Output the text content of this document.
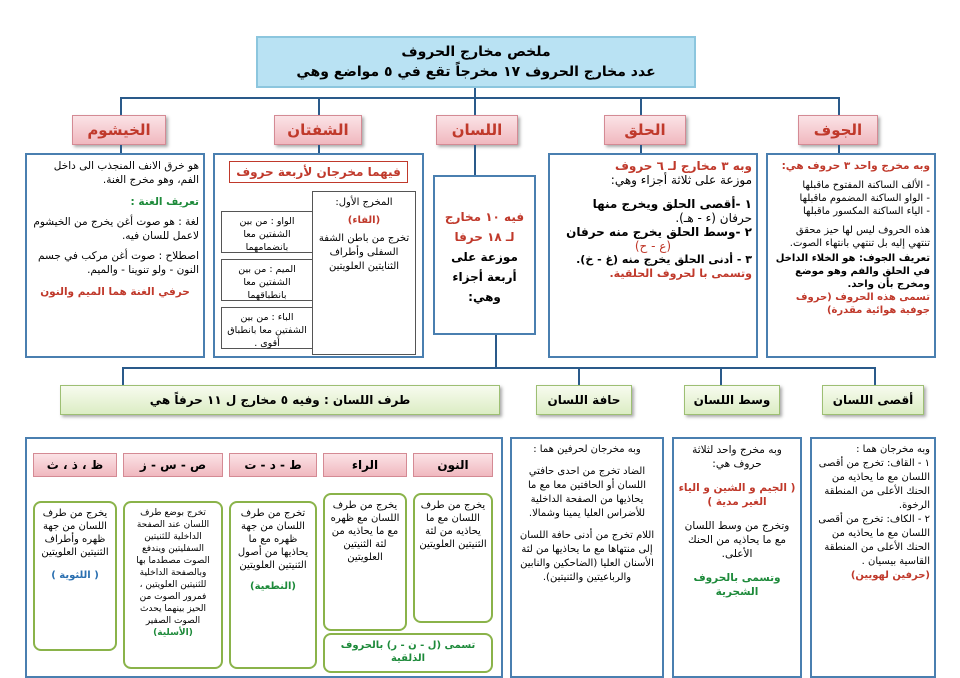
ملخص مخارج الحروف
عدد مخارج الحروف ١٧ مخرجاً تقع في ٥ مواضع وهي
الجوف
الحلق
اللسان
الشفتان
الخيشوم
وبه مخرج واحد ٣ حروف هي:
- الألف الساكنة المفتوح ماقبلها
- الواو الساكنة المضموم ماقبلها
- الياء الساكنة المكسور ماقبلها
هذه الحروف ليس لها حيز محقق تنتهي إليه بل تنتهي بانتهاء الصوت.
تعريف الجوف: هو الخلاء الداخل في الحلق والفم وهو موضع ومخرج بأن واحد.
تسمى هذه الحروف (حروف جوفية هوائية مقدرة)
وبه ٣ مخارج لـ ٦ حروف
موزعة على ثلاثة أجزاء وهي:
١ -أقصى الحلق ويخرج منها
حرفان (ء - هـ).
٢ -وسط الحلق يخرج منه حرفان
(ع - ح)
٣ - أدنى الحلق يخرج منه (غ - خ).
وتسمى با لحروف الحلقية.
فيه ١٠ مخارج
لـ ١٨ حرفا
موزعة على أربعة أجزاء
وهي:
فيهما مخرجان لأربعة حروف
المخرج الأول:
(الفاء)
تخرج من باطن الشفة السفلى وأطراف الثنايتين العلويتين
الواو : من بين الشفتين معا بانضمامهما
الميم : من بين الشفتين معا بانطباقهما
الباء : من بين الشفتين معا بانطباق أقوى .
هو خرق الانف المنجذب الى داخل الفم، وهو مخرج الغنة.
تعريف الغنة :
لغة : هو صوت أغن يخرج من الخيشوم لاعمل للسان فيه.
اصطلاح : صوت أغن مركب في جسم النون - ولو تنوينا - والميم.
حرفي الغنة هما الميم والنون
أقصى اللسان
وسط اللسان
حافة اللسان
طرف اللسان : وفيه ٥ مخارج ل ١١ حرفاً هي
وبه مخرجان هما :
١ - القاف: تخرج من أقصى اللسان مع ما يحاذيه من الحنك الأعلى من المنطقة الرخوة.
٢ - الكاف: تخرج من أقصى اللسان مع ما يحاذيه من الحنك الأعلى من المنطقة القاسية بيسيان .
(حرفين لهويين)
وبه مخرج واحد لثلاثة حروف هي:
( الجيم و الشين و الياء الغير مدية )
وتخرج من وسط اللسان مع ما يحاذيه من الحنك الأعلى.
وتسمى بالحروف الشجرية
وبه مخرجان لحرفين هما :
الضاد تخرج من احدى حافتي اللسان أو الحافتين معا مع ما يحاذيها من الصفحة الداخلية للأضراس العليا يمينا وشمالا.
اللام تخرج من أدنى حافة اللسان إلى منتهاها مع ما يحاذيها من لثة الأسنان العليا (الضاحكين والنابين والرباعيتين والثنيتين).
النون
الراء
ط - د - ت
ص - س - ز
ظ ، ذ ، ث
يخرج من طرف اللسان مع ما يحاذيه من لثة الثنيتين العلويتين
يخرج من طرف اللسان مع ظهره مع ما يحاذيه من لثة الثنيتين العلويتين
تخرج من طرف اللسان من جهة ظهره مع ما يحاذيها من أصول الثنيتين العلويتين
(النطعية)
تخرج بوضع طرف اللسان عند الصفحة الداخلية للثنيتين السفليتين ويندفع الصوت مصطدما بها وبالصفحة الداخلية للثنيتين العلويتين ، فمرور الصوت من الحيز بينهما يحدث الصوت الصفير
(الأسلية)
يخرج من طرف اللسان من جهة ظهره وأطراف الثنيتين العلويتين
( اللثوية )
تسمى (ل - ن - ر) بالحروف الذلقية
